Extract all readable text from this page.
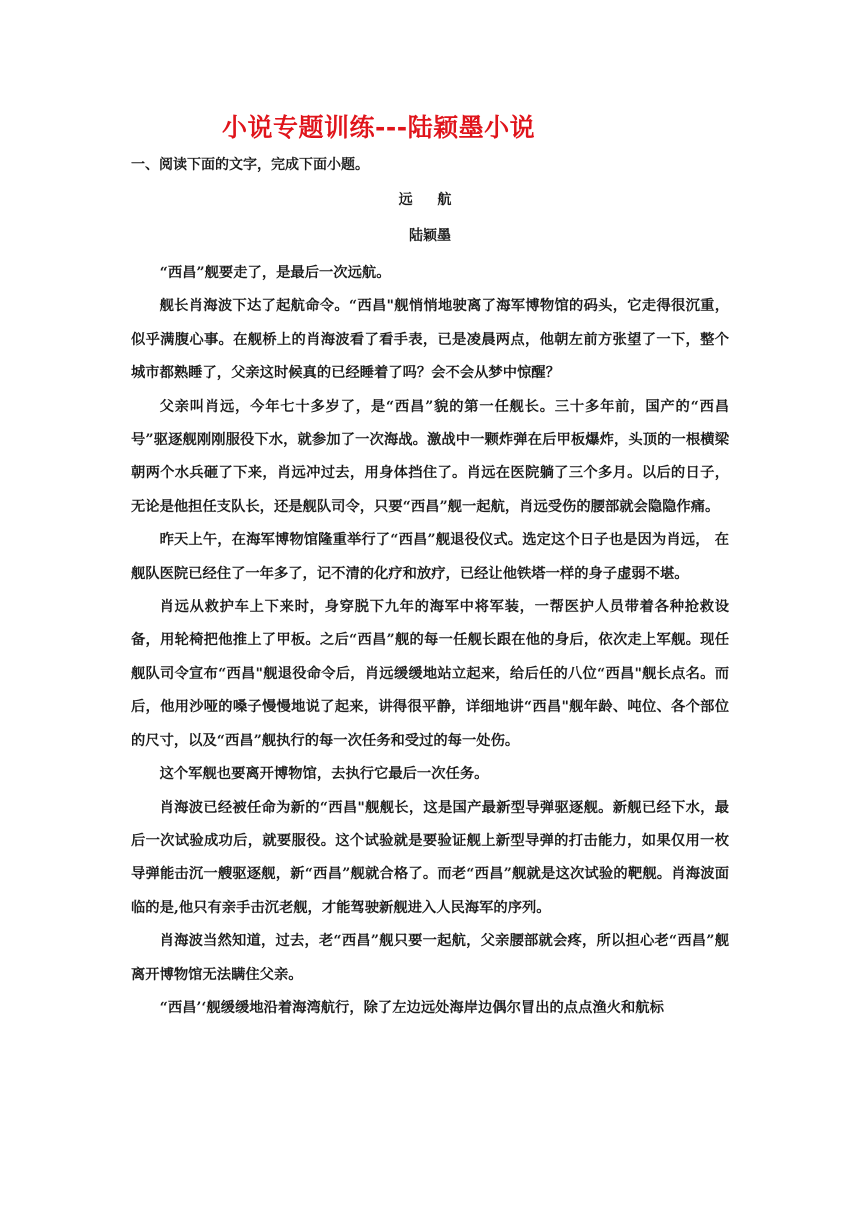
小说专题训练---陆颖墨小说
一、阅读下面的文字，完成下面小题。
远 航
陆颖墨

“西昌”舰要走了，是最后一次远航。

舰长肖海波下达了起航命令。“西昌"舰悄悄地驶离了海军博物馆的码头，它走得很沉重， 似乎满腹心事。在舰桥上的肖海波看了看手表，已是凌晨两点，他朝左前方张望了一下，整个城市都熟睡了，父亲这时候真的已经睡着了吗？会不会从梦中惊醒？

父亲叫肖远，今年七十多岁了，是“西昌”貌的第一任舰长。三十多年前，国产的“西昌号”驱逐舰刚刚服役下水，就参加了一次海战。激战中一颗炸弹在后甲板爆炸，头顶的一根横梁朝两个水兵砸了下来，肖远冲过去，用身体挡住了。肖远在医院躺了三个多月。以后的日子，无论是他担任支队长，还是舰队司令，只要“西昌”舰一起航，肖远受伤的腰部就会隐隐作痛。

昨天上午，在海军博物馆隆重举行了“西昌”舰退役仪式。选定这个日子也是因为肖远， 在舰队医院已经住了一年多了，记不清的化疗和放疗，已经让他铁塔一样的身子虚弱不堪。

肖远从救护车上下来时，身穿脱下九年的海军中将军装，一帮医护人员带着各种抢救设备，用轮椅把他推上了甲板。之后“西昌”舰的每一任舰长跟在他的身后，依次走上军舰。现任舰队司令宣布“西昌"舰退役命令后，肖远缓缓地站立起来，给后任的八位“西昌"舰长点名。而后，他用沙哑的嗓子慢慢地说了起来，讲得很平静，详细地讲“西昌"舰年龄、吨位、各个部位的尺寸，以及“西昌”舰执行的每一次任务和受过的每一处伤。

这个军舰也要离开博物馆，去执行它最后一次任务。

肖海波已经被任命为新的“西昌"舰舰长，这是国产最新型导弹驱逐舰。新舰已经下水，最后一次试验成功后，就要服役。这个试验就是要验证舰上新型导弹的打击能力，如果仅用一枚导弹能击沉一艘驱逐舰，新“西昌”舰就合格了。而老“西昌”舰就是这次试验的靶舰。肖海波面临的是,他只有亲手击沉老舰，才能驾驶新舰进入人民海军的序列。

肖海波当然知道，过去，老“西昌”舰只要一起航，父亲腰部就会疼，所以担心老“西昌”舰离开博物馆无法瞒住父亲。

“西昌’‘舰缓缓地沿着海湾航行，除了左边远处海岸边偶尔冒出的点点渔火和航标
